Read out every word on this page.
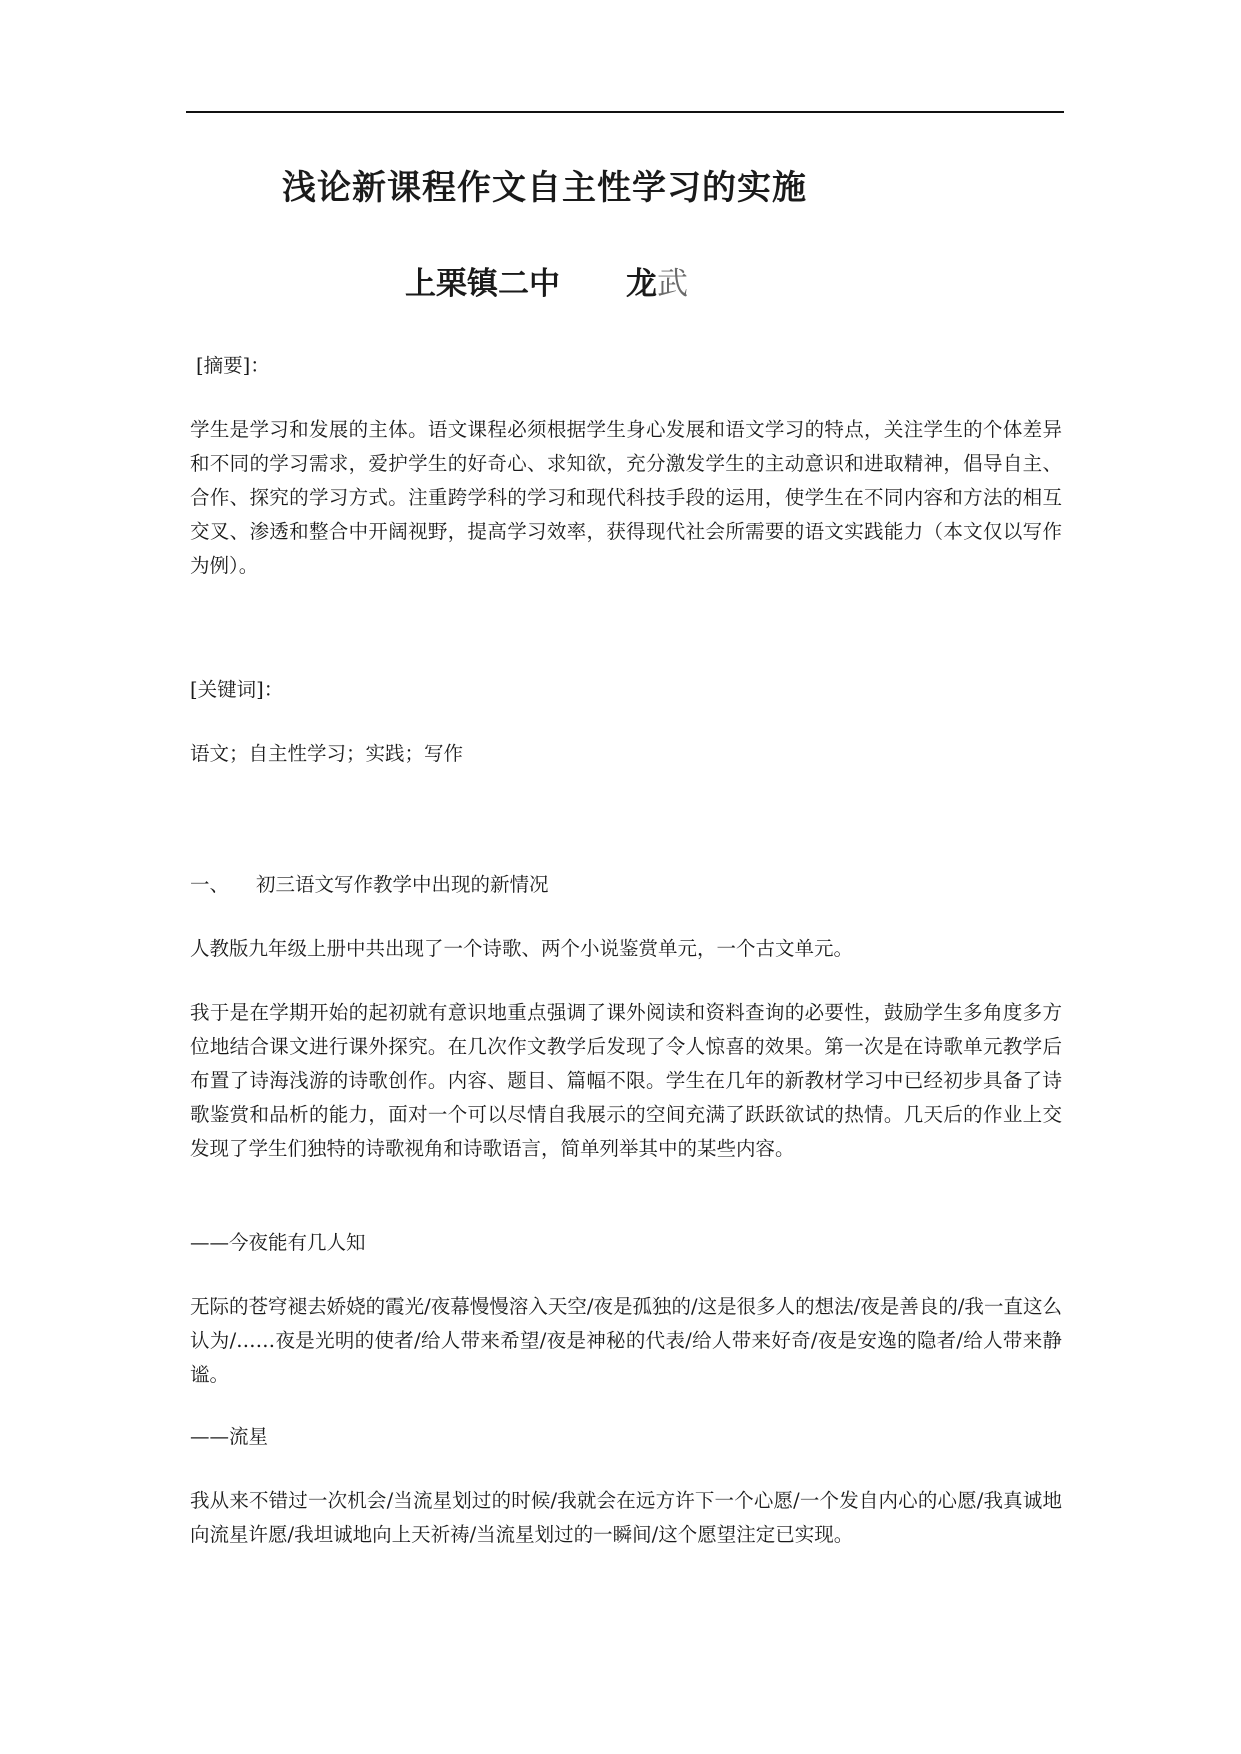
浅论新课程作文自主性学习的实施
上栗镇二中 龙武
[摘要]：

学生是学习和发展的主体。语文课程必须根据学生身心发展和语文学习的特点，关注学生的个体差异和不同的学习需求，爱护学生的好奇心、求知欲，充分激发学生的主动意识和进取精神，倡导自主、合作、探究的学习方式。注重跨学科的学习和现代科技手段的运用，使学生在不同内容和方法的相互交叉、渗透和整合中开阔视野，提高学习效率，获得现代社会所需要的语文实践能力（本文仅以写作为例）。

[关键词]：
语文；自主性学习；实践；写作
一、 初三语文写作教学中出现的新情况

人教版九年级上册中共出现了一个诗歌、两个小说鉴赏单元，一个古文单元。

我于是在学期开始的起初就有意识地重点强调了课外阅读和资料查询的必要性，鼓励学生多角度多方位地结合课文进行课外探究。在几次作文教学后发现了令人惊喜的效果。第一次是在诗歌单元教学后布置了诗海浅游的诗歌创作。内容、题目、篇幅不限。学生在几年的新教材学习中已经初步具备了诗歌鉴赏和品析的能力，面对一个可以尽情自我展示的空间充满了跃跃欲试的热情。几天后的作业上交发现了学生们独特的诗歌视角和诗歌语言，简单列举其中的某些内容。

——今夜能有几人知

无际的苍穹褪去娇娆的霞光/夜幕慢慢溶入天空/夜是孤独的/这是很多人的想法/夜是善良的/我一直这么认为/……夜是光明的使者/给人带来希望/夜是神秘的代表/给人带来好奇/夜是安逸的隐者/给人带来静谧。

——流星

我从来不错过一次机会/当流星划过的时候/我就会在远方许下一个心愿/一个发自内心的心愿/我真诚地向流星许愿/我坦诚地向上天祈祷/当流星划过的一瞬间/这个愿望注定已实现。
